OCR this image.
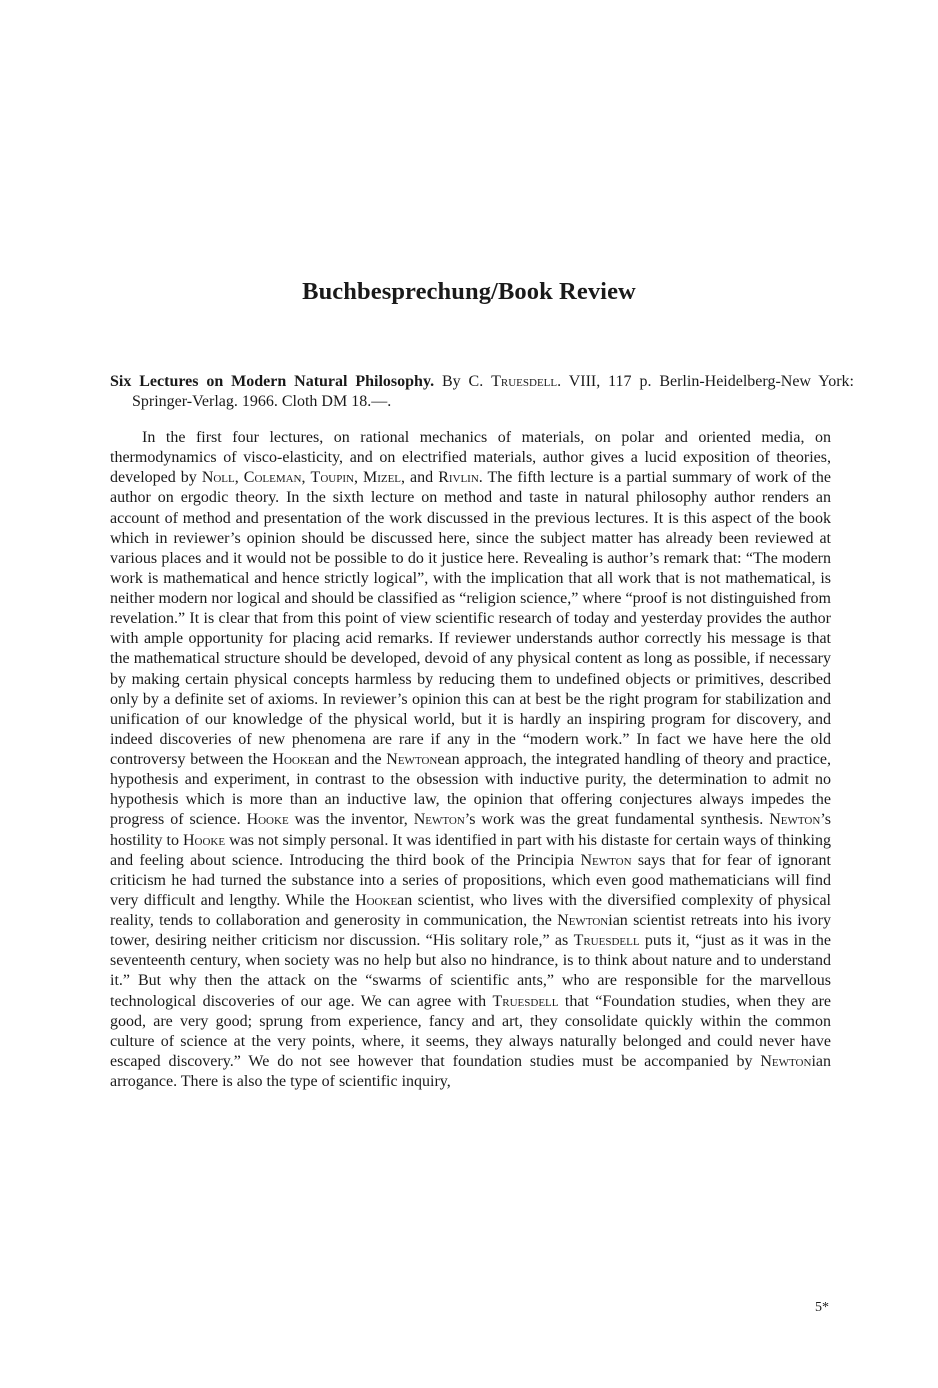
Buchbesprechung/Book Review
Six Lectures on Modern Natural Philosophy. By C. Truesdell. VIII, 117 p. Berlin-Heidelberg-New York: Springer-Verlag. 1966. Cloth DM 18.—.
In the first four lectures, on rational mechanics of materials, on polar and oriented media, on thermodynamics of visco-elasticity, and on electrified materials, author gives a lucid exposition of theories, developed by Noll, Coleman, Toupin, Mizel, and Rivlin. The fifth lecture is a partial summary of work of the author on ergodic theory. In the sixth lecture on method and taste in natural philosophy author renders an account of method and presentation of the work discussed in the previous lectures. It is this aspect of the book which in reviewer’s opinion should be discussed here, since the subject matter has already been reviewed at various places and it would not be possible to do it justice here. Revealing is author’s remark that: “The modern work is mathematical and hence strictly logical”, with the implication that all work that is not mathematical, is neither modern nor logical and should be classified as “religion science,” where “proof is not distinguished from revelation.” It is clear that from this point of view scientific research of today and yesterday provides the author with ample opportunity for placing acid remarks. If reviewer understands author correctly his message is that the mathematical structure should be developed, devoid of any physical content as long as possible, if necessary by making certain physical concepts harmless by reducing them to undefined objects or primitives, described only by a definite set of axioms. In reviewer’s opinion this can at best be the right program for stabilization and unification of our knowledge of the physical world, but it is hardly an inspiring program for discovery, and indeed discoveries of new phenomena are rare if any in the “modern work.” In fact we have here the old controversy between the Hookean and the Newtonean approach, the integrated handling of theory and practice, hypothesis and experiment, in contrast to the obsession with inductive purity, the determination to admit no hypothesis which is more than an inductive law, the opinion that offering conjectures always impedes the progress of science. Hooke was the inventor, Newton’s work was the great fundamental synthesis. Newton’s hostility to Hooke was not simply personal. It was identified in part with his distaste for certain ways of thinking and feeling about science. Introducing the third book of the Principia Newton says that for fear of ignorant criticism he had turned the substance into a series of propositions, which even good mathematicians will find very difficult and lengthy. While the Hookean scientist, who lives with the diversified complexity of physical reality, tends to collaboration and generosity in communication, the Newtonian scientist retreats into his ivory tower, desiring neither criticism nor discussion. “His solitary role,” as Truesdell puts it, “just as it was in the seventeenth century, when society was no help but also no hindrance, is to think about nature and to understand it.” But why then the attack on the “swarms of scientific ants,” who are responsible for the marvellous technological discoveries of our age. We can agree with Truesdell that “Foundation studies, when they are good, are very good; sprung from experience, fancy and art, they consolidate quickly within the common culture of science at the very points, where, it seems, they always naturally belonged and could never have escaped discovery.” We do not see however that foundation studies must be accompanied by Newtonian arrogance. There is also the type of scientific inquiry,
5*
